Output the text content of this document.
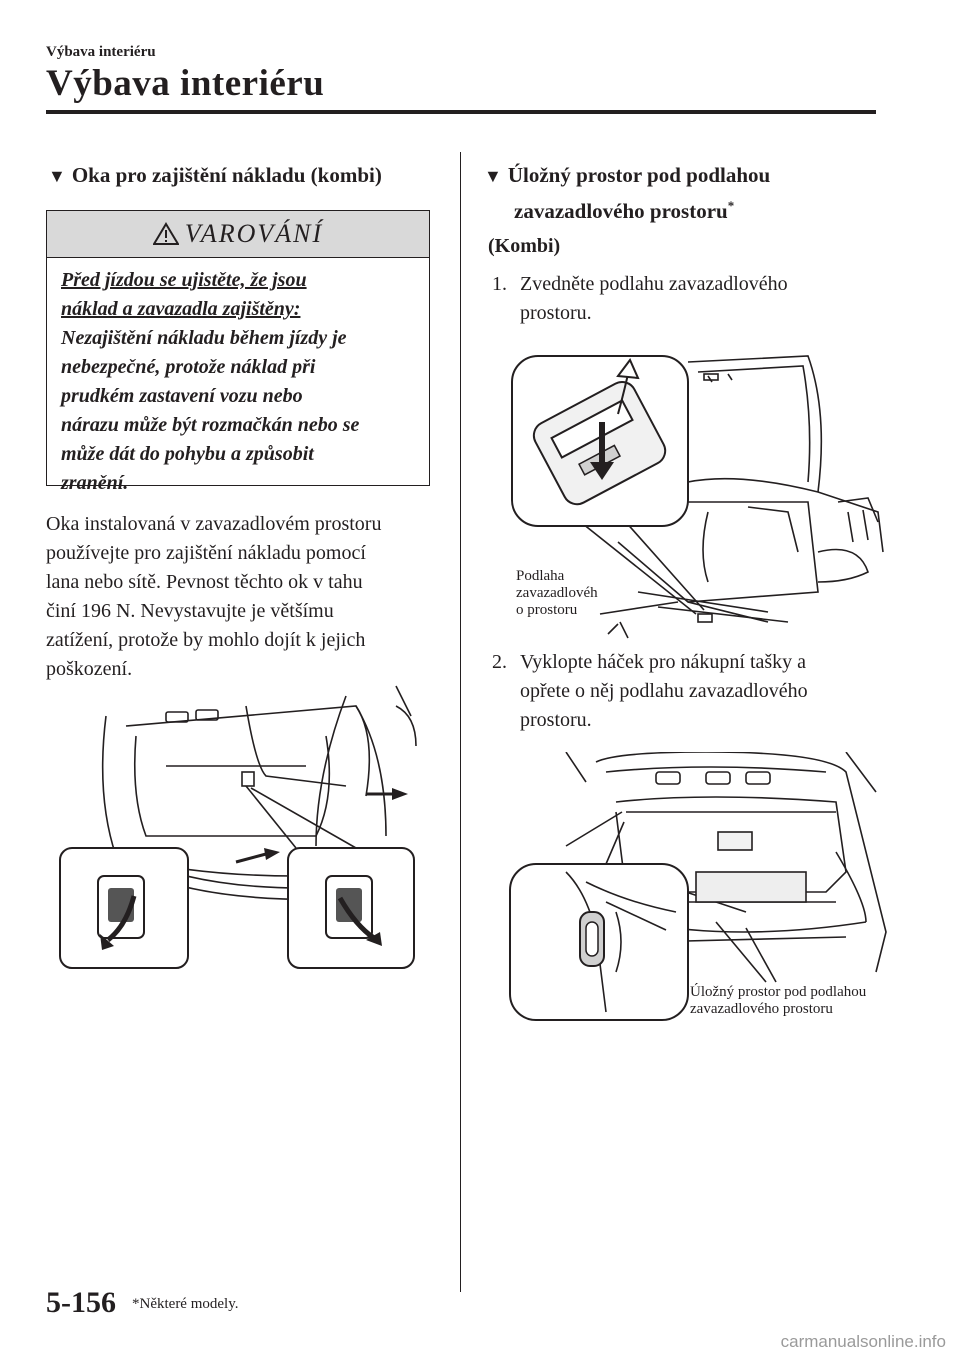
Výbava interiéru
Výbava interiéru
▼ Oka pro zajištění nákladu (kombi)
VAROVÁNÍ
Před jízdou se ujistěte, že jsou
náklad a zavazadla zajištěny:
Nezajištění nákladu během jízdy je
nebezpečné, protože náklad při
prudkém zastavení vozu nebo
nárazu může být rozmačkán nebo se
může dát do pohybu a způsobit
zranění.
Oka instalovaná v zavazadlovém prostoru
používejte pro zajištění nákladu pomocí
lana nebo sítě. Pevnost těchto ok v tahu
činí 196 N. Nevystavujte je většímu
zatížení, protože by mohlo dojít k jejich
poškození.
▼ Úložný prostor pod podlahou
zavazadlového prostoru*
(Kombi)
1. Zvedněte podlahu zavazadlového
prostoru.
Podlaha
zavazadlovéh
o prostoru
2. Vyklopte háček pro nákupní tašky a
opřete o něj podlahu zavazadlového
prostoru.
Úložný prostor pod podlahou
zavazadlového prostoru
5-156 *Některé modely.
carmanualsonline.info
